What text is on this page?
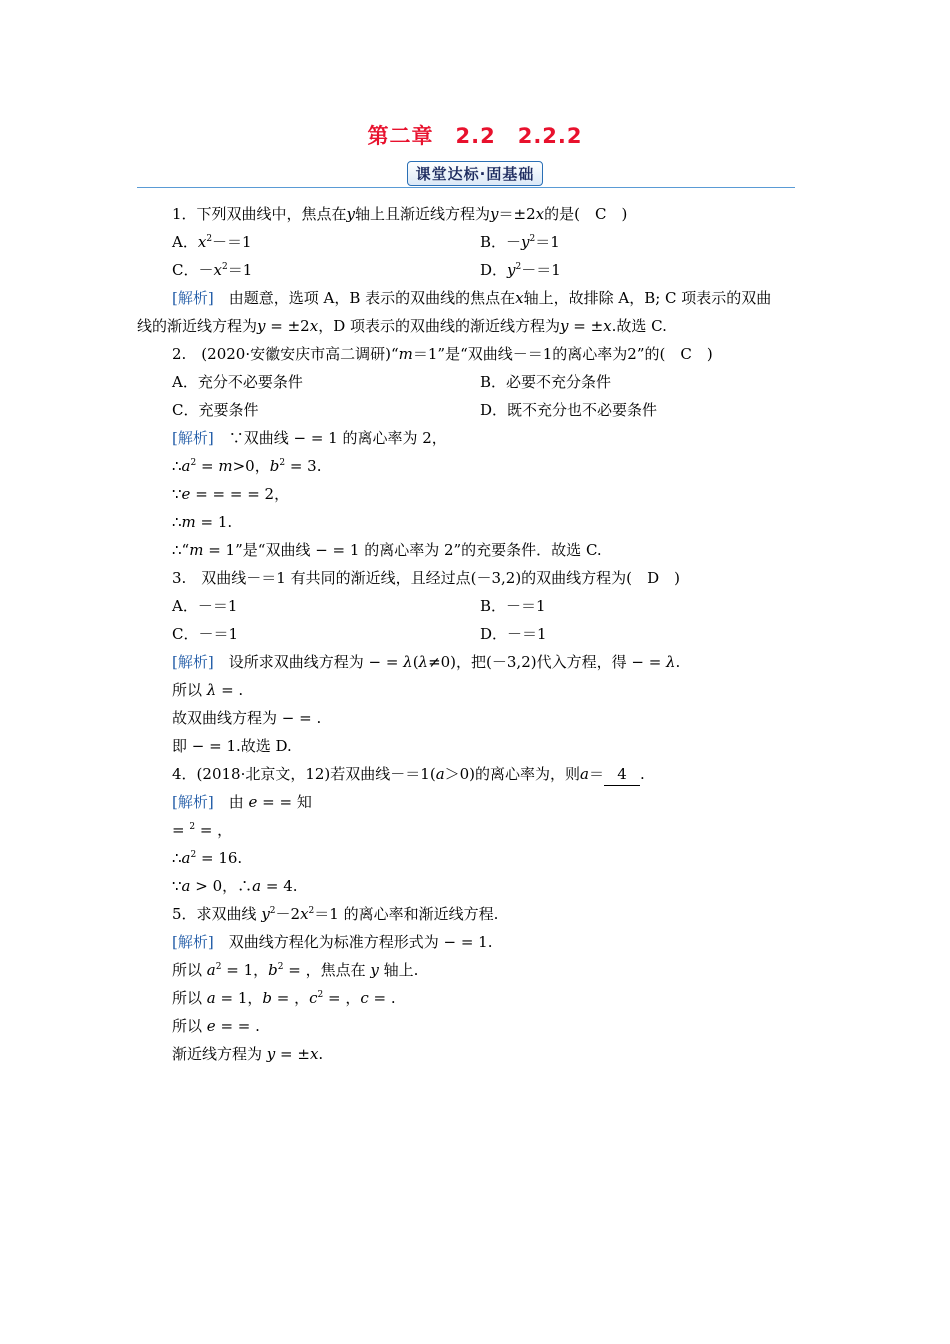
第二章　2.2　2.2.2
课堂达标·固基础
1．下列双曲线中，焦点在y轴上且渐近线方程为y＝±2x的是(　 C　 )
A．$x^2-=1$	B．$-y^2=1$
C．$-x^2=1$	D．$y^2-=1$
[解析]　由题意，选项 A，B 表示的双曲线的焦点在x轴上，故排除 A，B; C 项表示的双曲
线的渐近线方程为y = ±2x，D 项表示的双曲线的渐近线方程为y = ±x.故选 C.
2.　(2020·安徽安庆市高二调研)“m＝1”是“双曲线－＝1的离心率为2”的(　 C　 )
A．充分不必要条件	B．必要不充分条件
C．充要条件	D．既不充分也不必要条件
[解析]　∵双曲线 − = 1 的离心率为 2，
$\therefore a^2 = m>0$，$b^2 = 3$.
∵e = = = = 2，
∴m = 1.
∴“m = 1”是“双曲线 − = 1 的离心率为 2”的充要条件．故选 C.
3.　双曲线－＝1 有共同的渐近线，且经过点(－3,2)的双曲线方程为(　 D　 )
A．－＝1	B．－＝1
C．－＝1	D．－＝1
[解析]　设所求双曲线方程为 − = λ(λ≠0)，把(－3,2)代入方程，得 − = λ.
所以 λ = .
故双曲线方程为 − = .
即 − = 1.故选 D.
4．(2018·北京文，12)若双曲线－＝1(a＞0)的离心率为，则a＝ 4 .
[解析]　由 e = = 知
= $^2$ = ，
$\therefore a^2 = 16$.
∵a > 0，∴a = 4.
5．求双曲线 $y^2-2x^2=1$ 的离心率和渐近线方程.
[解析]　双曲线方程化为标准方程形式为 − = 1.
所以 $a^2 = 1$，$b^2$ = ，焦点在 y 轴上.
所以 a = 1，b = ，$c^2$ = ，c = .
所以 e = = .
渐近线方程为 y = ±x.
